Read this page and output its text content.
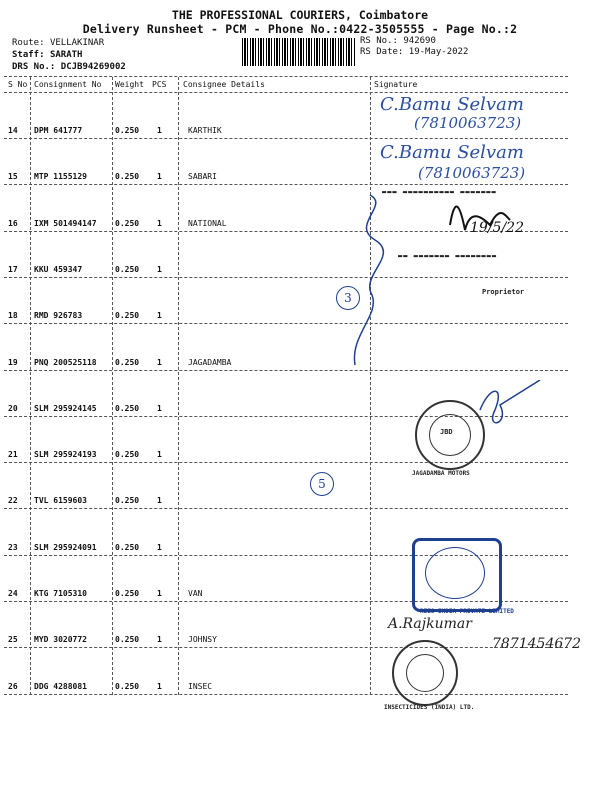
THE PROFESSIONAL COURIERS, Coimbatore
Delivery Runsheet - PCM - Phone No.:0422-3505555 - Page No.:2
Route: VELLAKINAR
Staff: SARATH
DRS No.: DCJB94269002
RS No.: 942690
RS Date: 19-May-2022
S No Consignment No Weight PCS Consignee Details	Signature
14 DPM 641777	0.250 1	KARTHIK
15 MTP 1155129	0.250 1	SABARI
16 IXM 501494147 0.250 1	NATIONAL
17 KKU 459347	0.250 1
18 RMD 926783	0.250 1
19 PNQ 200525118 0.250 1	JAGADAMBA
20 SLM 295924145 0.250 1
21 SLM 295924193 0.250 1
22 TVL 6159603	0.250 1
23 SLM 295924091 0.250 1
24 KTG 7105310	0.250 1	VAN
25 MYD 3020772	0.250 1	JOHNSY
26 DDG 4288081	0.250 1	INSEC
C.Bamu Selvam
(7810063723)
C.Bamu Selvam
(7810063723)
19/5/22
▬▬▬ ▬▬▬▬▬▬▬▬▬▬ ▬▬▬▬▬▬▬
▬▬ ▬▬▬▬▬▬▬ ▬▬▬▬▬▬▬▬
Proprietor
3
5
JAGADAMBA MOTORS
JBD
REES INDIA PRIVATE LIMITED
A.Rajkumar
7871454672
INSECTICIDES (INDIA) LTD.
